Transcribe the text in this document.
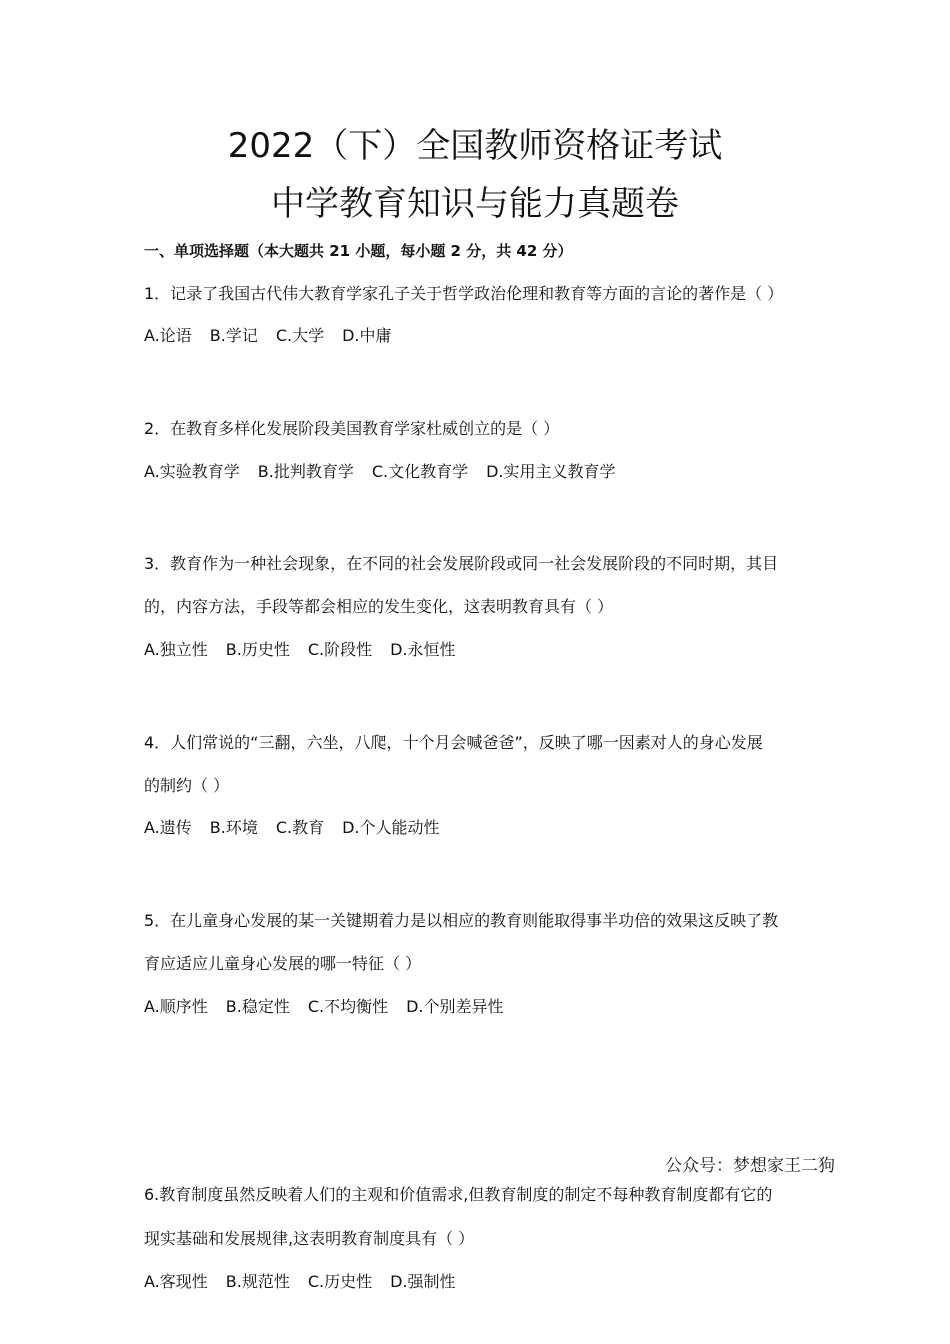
2022（下）全国教师资格证考试
中学教育知识与能力真题卷
一、单项选择题（本大题共 21 小题，每小题 2 分，共 42 分）
1．记录了我国古代伟大教育学家孔子关于哲学政治伦理和教育等方面的言论的著作是（ ）
A.论语 B.学记 C.大学 D.中庸
2．在教育多样化发展阶段美国教育学家杜威创立的是（ ）
A.实验教育学 B.批判教育学 C.文化教育学 D.实用主义教育学
3．教育作为一种社会现象，在不同的社会发展阶段或同一社会发展阶段的不同时期，其目
的，内容方法，手段等都会相应的发生变化，这表明教育具有（ ）
A.独立性 B.历史性 C.阶段性 D.永恒性
4．人们常说的“三翻，六坐，八爬，十个月会喊爸爸”，反映了哪一因素对人的身心发展
的制约（ ）
A.遗传 B.环境 C.教育 D.个人能动性
5．在儿童身心发展的某一关键期着力是以相应的教育则能取得事半功倍的效果这反映了教
育应适应儿童身心发展的哪一特征（ ）
A.顺序性 B.稳定性 C.不均衡性 D.个别差异性
公众号：梦想家王二狗
6.教育制度虽然反映着人们的主观和价值需求,但教育制度的制定不每种教育制度都有它的
现实基础和发展规律,这表明教育制度具有（ ）
A.客现性 B.规范性 C.历史性 D.强制性
